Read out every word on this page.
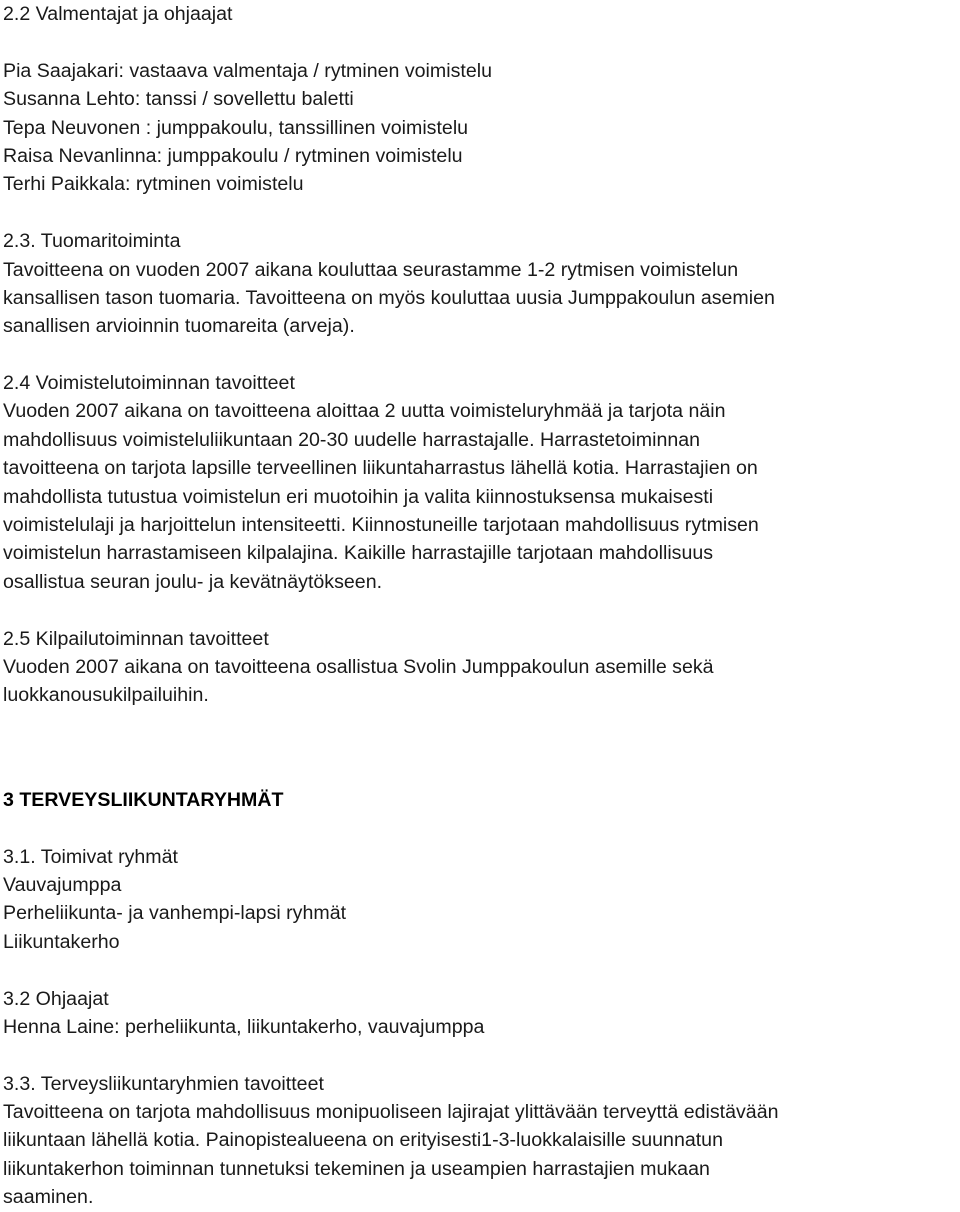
2.2 Valmentajat ja ohjaajat
Pia Saajakari: vastaava valmentaja / rytminen voimistelu
Susanna Lehto: tanssi / sovellettu baletti
Tepa Neuvonen : jumppakoulu, tanssillinen voimistelu
Raisa Nevanlinna: jumppakoulu / rytminen voimistelu
Terhi Paikkala: rytminen voimistelu
2.3. Tuomaritoiminta
Tavoitteena on vuoden 2007 aikana kouluttaa seurastamme 1-2 rytmisen voimistelun
kansallisen tason tuomaria. Tavoitteena on myös kouluttaa uusia Jumppakoulun asemien
sanallisen arvioinnin tuomareita (arveja).
2.4 Voimistelutoiminnan tavoitteet
Vuoden 2007 aikana on tavoitteena aloittaa 2 uutta voimisteluryhmää ja tarjota näin
mahdollisuus voimisteluliikuntaan 20-30 uudelle harrastajalle. Harrastetoiminnan
tavoitteena on tarjota lapsille terveellinen liikuntaharrastus lähellä kotia. Harrastajien on
mahdollista tutustua voimistelun eri muotoihin ja valita kiinnostuksensa mukaisesti
voimistelulaji ja harjoittelun intensiteetti. Kiinnostuneille tarjotaan mahdollisuus rytmisen
voimistelun harrastamiseen kilpalajina. Kaikille harrastajille tarjotaan mahdollisuus
osallistua seuran joulu- ja kevätnäytökseen.
2.5 Kilpailutoiminnan tavoitteet
Vuoden 2007 aikana on tavoitteena osallistua Svolin Jumppakoulun asemille sekä
luokkanousukilpailuihin.
3 TERVEYSLIIKUNTARYHMÄT
3.1. Toimivat ryhmät
Vauvajumppa
Perheliikunta- ja vanhempi-lapsi ryhmät
Liikuntakerho
3.2 Ohjaajat
Henna Laine: perheliikunta, liikuntakerho, vauvajumppa
3.3. Terveysliikuntaryhmien tavoitteet
Tavoitteena on tarjota mahdollisuus monipuoliseen lajirajat ylittävään terveyttä edistävään
liikuntaan lähellä kotia. Painopistealueena on erityisesti1-3-luokkalaisille suunnatun
liikuntakerhon toiminnan tunnetuksi tekeminen ja useampien harrastajien mukaan
saaminen.
